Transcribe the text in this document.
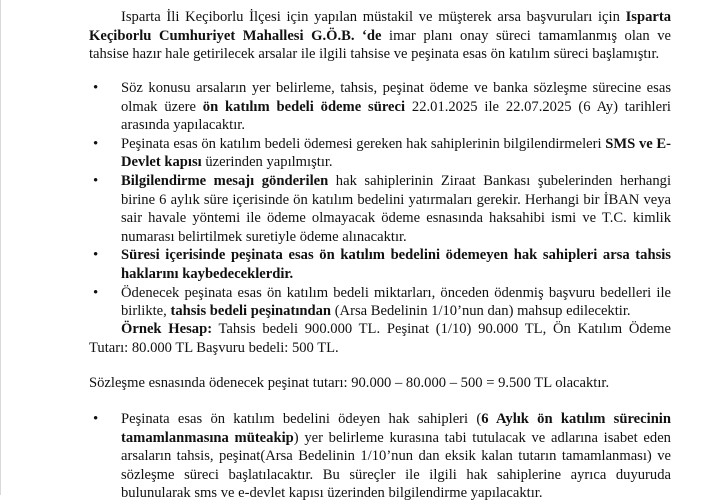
Isparta İli Keçiborlu İlçesi için yapılan müstakil ve müşterek arsa başvuruları için Isparta Keçiborlu Cumhuriyet Mahallesi G.Ö.B. ‘de imar planı onay süreci tamamlanmış olan ve tahsise hazır hale getirilecek arsalar ile ilgili tahsise ve peşinata esas ön katılım süreci başlamıştır.

• Söz konusu arsaların yer belirleme, tahsis, peşinat ödeme ve banka sözleşme sürecine esas olmak üzere ön katılım bedeli ödeme süreci 22.01.2025 ile 22.07.2025 (6 Ay) tarihleri arasında yapılacaktır.
• Peşinata esas ön katılım bedeli ödemesi gereken hak sahiplerinin bilgilendirmeleri SMS ve E-Devlet kapısı üzerinden yapılmıştır.
• Bilgilendirme mesajı gönderilen hak sahiplerinin Ziraat Bankası şubelerinden herhangi birine 6 aylık süre içerisinde ön katılım bedelini yatırmaları gerekir. Herhangi bir İBAN veya sair havale yöntemi ile ödeme olmayacak ödeme esnasında haksahibi ismi ve T.C. kimlik numarası belirtilmek suretiyle ödeme alınacaktır.
• Süresi içerisinde peşinata esas ön katılım bedelini ödemeyen hak sahipleri arsa tahsis haklarını kaybedeceklerdir.
• Ödenecek peşinata esas ön katılım bedeli miktarları, önceden ödenmiş başvuru bedelleri ile birlikte, tahsis bedeli peşinatından (Arsa Bedelinin 1/10’nun dan) mahsup edilecektir.

Örnek Hesap: Tahsis bedeli 900.000 TL. Peşinat (1/10) 90.000 TL, Ön Katılım Ödeme Tutarı: 80.000 TL Başvuru bedeli: 500 TL.

Sözleşme esnasında ödenecek peşinat tutarı: 90.000 – 80.000 – 500 = 9.500 TL olacaktır.

• Peşinata esas ön katılım bedelini ödeyen hak sahipleri (6 Aylık ön katılım sürecinin tamamlanmasına müteakip) yer belirleme kurasına tabi tutulacak ve adlarına isabet eden arsaların tahsis, peşinat(Arsa Bedelinin 1/10’nun dan eksik kalan tutarın tamamlanması) ve sözleşme süreci başlatılacaktır. Bu süreçler ile ilgili hak sahiplerine ayrıca duyuruda bulunularak sms ve e-devlet kapısı üzerinden bilgilendirme yapılacaktır.
